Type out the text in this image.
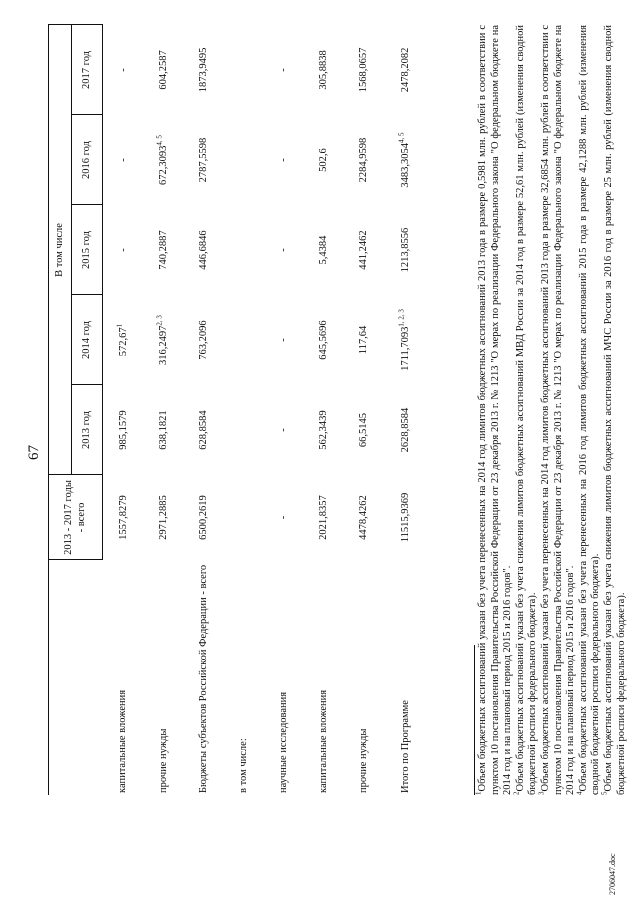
67
	2013 - 2017 годы - всего	В том числе				
		2013 год	2014 год	2015 год	2016 год	2017 год
капитальные вложения	1557,8279	985,1579	572,67$^1$	-	-	-
прочие нужды	2971,2885	638,1821	316,2497$^{2, 3}$	740,2887	672,3093$^{4, 5}$	604,2587
Бюджеты субъектов Российской Федерации - всего	6500,2619	628,8584	763,2096	446,6846	2787,5598	1873,9495
в том числе:						
научные исследования	-	-	-	-	-	-
капитальные вложения	2021,8357	562,3439	645,5696	5,4384	502,6	305,8838
прочие нужды	4478,4262	66,5145	117,64	441,2462	2284,9598	1568,0657
Итого по Программе	11515,9369	2628,8584	1711,7093$^{1, 2, 3}$	1213,8556	3483,3054$^{4, 5}$	2478,2082

$^1$Объем бюджетных ассигнований указан без учета перенесенных на 2014 год лимитов бюджетных ассигнований 2013 года в размере 0,5981 млн. рублей в соответствии с пунктом 10 постановления Правительства Российской Федерации от 23 декабря 2013 г. № 1213 "О мерах по реализации Федерального закона "О федеральном бюджете на 2014 год и на плановый период 2015 и 2016 годов". $^2$Объем бюджетных ассигнований указан без учета снижения лимитов бюджетных ассигнований МВД России за 2014 год в размере 52,61 млн. рублей (изменения сводной бюджетной росписи федерального бюджета). $^3$Объем бюджетных ассигнований указан без учета перенесенных на 2014 год лимитов бюджетных ассигнований 2013 года в размере 32,6854 млн. рублей в соответствии с пунктом 10 постановления Правительства Российской Федерации от 23 декабря 2013 г. № 1213 "О мерах по реализации Федерального закона "О федеральном бюджете на 2014 год и на плановый период 2015 и 2016 годов". $^4$Объем бюджетных ассигнований указан без учета перенесенных на 2016 год лимитов бюджетных ассигнований 2015 года в размере 42,1288 млн. рублей (изменения сводной бюджетной росписи федерального бюджета). $^5$Объем бюджетных ассигнований указан без учета снижения лимитов бюджетных ассигнований МЧС России за 2016 год в размере 25 млн. рублей (изменения сводной бюджетной росписи федерального бюджета).

2706047.doc
